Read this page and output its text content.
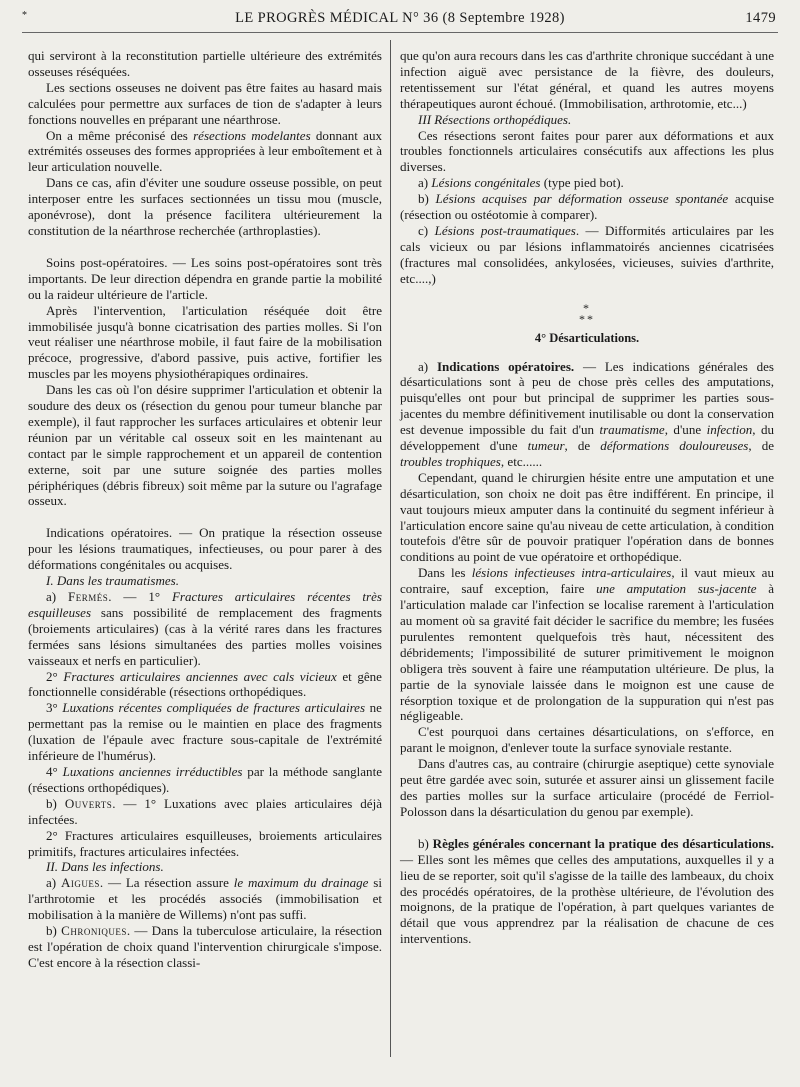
*	LE PROGRÈS MÉDICAL N° 36 (8 Septembre 1928)	1479

qui serviront à la reconstitution partielle ultérieure des extrémités osseuses réséquées.

Les sections osseuses ne doivent pas être faites au hasard mais calculées pour permettre aux surfaces de tion de s'adapter à leurs fonctions nouvelles en préparant une néarthrose.

On a même préconisé des résections modelantes donnant aux extrémités osseuses des formes appropriées à leur emboîtement et à leur articulation nouvelle.

Dans ce cas, afin d'éviter une soudure osseuse possible, on peut interposer entre les surfaces sectionnées un tissu mou (muscle, aponévrose), dont la présence facilitera ultérieurement la constitution de la néarthrose recherchée (arthroplasties).

Soins post-opératoires. — Les soins post-opératoires sont très importants. De leur direction dépendra en grande partie la mobilité ou la raideur ultérieure de l'article.

Après l'intervention, l'articulation réséquée doit être immobilisée jusqu'à bonne cicatrisation des parties molles. Si l'on veut réaliser une néarthrose mobile, il faut faire de la mobilisation précoce, progressive, d'abord passive, puis active, fortifier les muscles par les moyens physiothérapiques ordinaires.

Dans les cas où l'on désire supprimer l'articulation et obtenir la soudure des deux os (résection du genou pour tumeur blanche par exemple), il faut rapprocher les surfaces articulaires et obtenir leur réunion par un véritable cal osseux soit en les maintenant au contact par le simple rapprochement et un appareil de contention externe, soit par une suture soignée des parties molles périphériques (débris fibreux) soit même par la suture ou l'agrafage osseux.

Indications opératoires. — On pratique la résection osseuse pour les lésions traumatiques, infectieuses, ou pour parer à des déformations congénitales ou acquises.

I. Dans les traumatismes.

a) Fermés. — 1° Fractures articulaires récentes très esquilleuses sans possibilité de remplacement des fragments (broiements articulaires) (cas à la vérité rares dans les fractures fermées sans lésions simultanées des parties molles voisines vaisseaux et nerfs en particulier).

2° Fractures articulaires anciennes avec cals vicieux et gêne fonctionnelle considérable (résections orthopédiques.

3° Luxations récentes compliquées de fractures articulaires ne permettant pas la remise ou le maintien en place des fragments (luxation de l'épaule avec fracture sous-capitale de l'extrémité inférieure de l'humérus).

4° Luxations anciennes irréductibles par la méthode sanglante (résections orthopédiques).

b) Ouverts. — 1° Luxations avec plaies articulaires déjà infectées.

2° Fractures articulaires esquilleuses, broiements articulaires primitifs, fractures articulaires infectées.

II. Dans les infections.

a) Aigues. — La résection assure le maximum du drainage si l'arthrotomie et les procédés associés (immobilisation et mobilisation à la manière de Willems) n'ont pas suffi.

b) Chroniques. — Dans la tuberculose articulaire, la résection est l'opération de choix quand l'intervention chirurgicale s'impose. C'est encore à la résection classi-

que qu'on aura recours dans les cas d'arthrite chronique succédant à une infection aiguë avec persistance de la fièvre, des douleurs, retentissement sur l'état général, et quand les autres moyens thérapeutiques auront échoué. (Immobilisation, arthrotomie, etc...)

III Résections orthopédiques.

Ces résections seront faites pour parer aux déformations et aux troubles fonctionnels articulaires consécutifs aux affections les plus diverses.

a) Lésions congénitales (type pied bot).

b) Lésions acquises par déformation osseuse spontanée acquise (résection ou ostéotomie à comparer).

c) Lésions post-traumatiques. — Difformités articulaires par les cals vicieux ou par lésions inflammatoirés anciennes cicatrisées (fractures mal consolidées, ankylosées, vicieuses, suivies d'arthrite, etc....,)

*
**

4° Désarticulations.

a) Indications opératoires. — Les indications générales des désarticulations sont à peu de chose près celles des amputations, puisqu'elles ont pour but principal de supprimer les parties sous-jacentes du membre définitivement inutilisable ou dont la conservation est devenue impossible du fait d'un traumatisme, d'une infection, du développement d'une tumeur, de déformations douloureuses, de troubles trophiques, etc......

Cependant, quand le chirurgien hésite entre une amputation et une désarticulation, son choix ne doit pas être indifférent. En principe, il vaut toujours mieux amputer dans la continuité du segment inférieur à l'articulation encore saine qu'au niveau de cette articulation, à condition toutefois d'être sûr de pouvoir pratiquer l'opération dans de bonnes conditions au point de vue opératoire et orthopédique.

Dans les lésions infectieuses intra-articulaires, il vaut mieux au contraire, sauf exception, faire une amputation sus-jacente à l'articulation malade car l'infection se localise rarement à l'articulation au moment où sa gravité fait décider le sacrifice du membre; les fusées purulentes remontent quelquefois très haut, nécessitent des débridements; l'impossibilité de suturer primitivement le moignon obligera très souvent à faire une réamputation ultérieure. De plus, la partie de la synoviale laissée dans le moignon est une cause de résorption toxique et de prolongation de la suppuration qui n'est pas négligeable.

C'est pourquoi dans certaines désarticulations, on s'efforce, en parant le moignon, d'enlever toute la surface synoviale restante.

Dans d'autres cas, au contraire (chirurgie aseptique) cette synoviale peut être gardée avec soin, suturée et assurer ainsi un glissement facile des parties molles sur la surface articulaire (procédé de Ferriol-Polosson dans la désarticulation du genou par exemple).

b) Règles générales concernant la pratique des désarticulations. — Elles sont les mêmes que celles des amputations, auxquelles il y a lieu de se reporter, soit qu'il s'agisse de la taille des lambeaux, du choix des procédés opératoires, de la prothèse ultérieure, de l'évolution des moignons, de la pratique de l'opération, à part quelques variantes de détail que vous apprendrez par la réalisation de chacune de ces interventions.
